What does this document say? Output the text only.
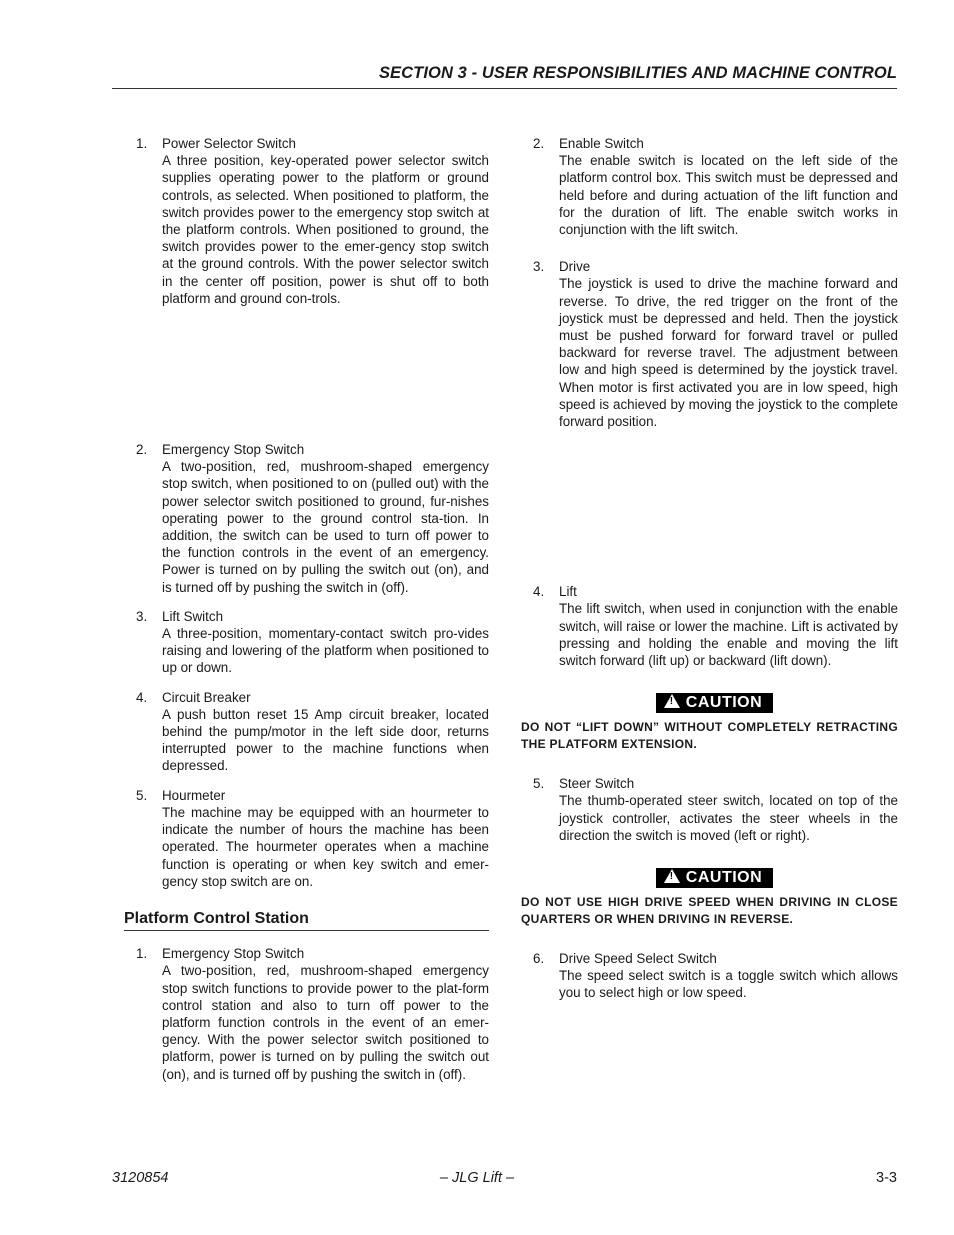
SECTION 3 - USER RESPONSIBILITIES AND MACHINE CONTROL
1. Power Selector Switch
A three position, key-operated power selector switch supplies operating power to the platform or ground controls, as selected. When positioned to platform, the switch provides power to the emergency stop switch at the platform controls. When positioned to ground, the switch provides power to the emer-gency stop switch at the ground controls. With the power selector switch in the center off position, power is shut off to both platform and ground con-trols.
2. Emergency Stop Switch
A two-position, red, mushroom-shaped emergency stop switch, when positioned to on (pulled out) with the power selector switch positioned to ground, fur-nishes operating power to the ground control sta-tion. In addition, the switch can be used to turn off power to the function controls in the event of an emergency. Power is turned on by pulling the switch out (on), and is turned off by pushing the switch in (off).
3. Lift Switch
A three-position, momentary-contact switch pro-vides raising and lowering of the platform when positioned to up or down.
4. Circuit Breaker
A push button reset 15 Amp circuit breaker, located behind the pump/motor in the left side door, returns interrupted power to the machine functions when depressed.
5. Hourmeter
The machine may be equipped with an hourmeter to indicate the number of hours the machine has been operated. The hourmeter operates when a machine function is operating or when key switch and emer-gency stop switch are on.
Platform Control Station
1. Emergency Stop Switch
A two-position, red, mushroom-shaped emergency stop switch functions to provide power to the plat-form control station and also to turn off power to the platform function controls in the event of an emer-gency. With the power selector switch positioned to platform, power is turned on by pulling the switch out (on), and is turned off by pushing the switch in (off).
2. Enable Switch
The enable switch is located on the left side of the platform control box. This switch must be depressed and held before and during actuation of the lift function and for the duration of lift. The enable switch works in conjunction with the lift switch.
3. Drive
The joystick is used to drive the machine forward and reverse. To drive, the red trigger on the front of the joystick must be depressed and held. Then the joystick must be pushed forward for forward travel or pulled backward for reverse travel. The adjustment between low and high speed is determined by the joystick travel. When motor is first activated you are in low speed, high speed is achieved by moving the joystick to the complete forward position.
4. Lift
The lift switch, when used in conjunction with the enable switch, will raise or lower the machine. Lift is activated by pressing and holding the enable and moving the lift switch forward (lift up) or backward (lift down).
! CAUTION
DO NOT “LIFT DOWN” WITHOUT COMPLETELY RETRACTING THE PLATFORM EXTENSION.
5. Steer Switch
The thumb-operated steer switch, located on top of the joystick controller, activates the steer wheels in the direction the switch is moved (left or right).
! CAUTION
DO NOT USE HIGH DRIVE SPEED WHEN DRIVING IN CLOSE QUARTERS OR WHEN DRIVING IN REVERSE.
6. Drive Speed Select Switch
The speed select switch is a toggle switch which allows you to select high or low speed.
3120854	– JLG Lift –	3-3
